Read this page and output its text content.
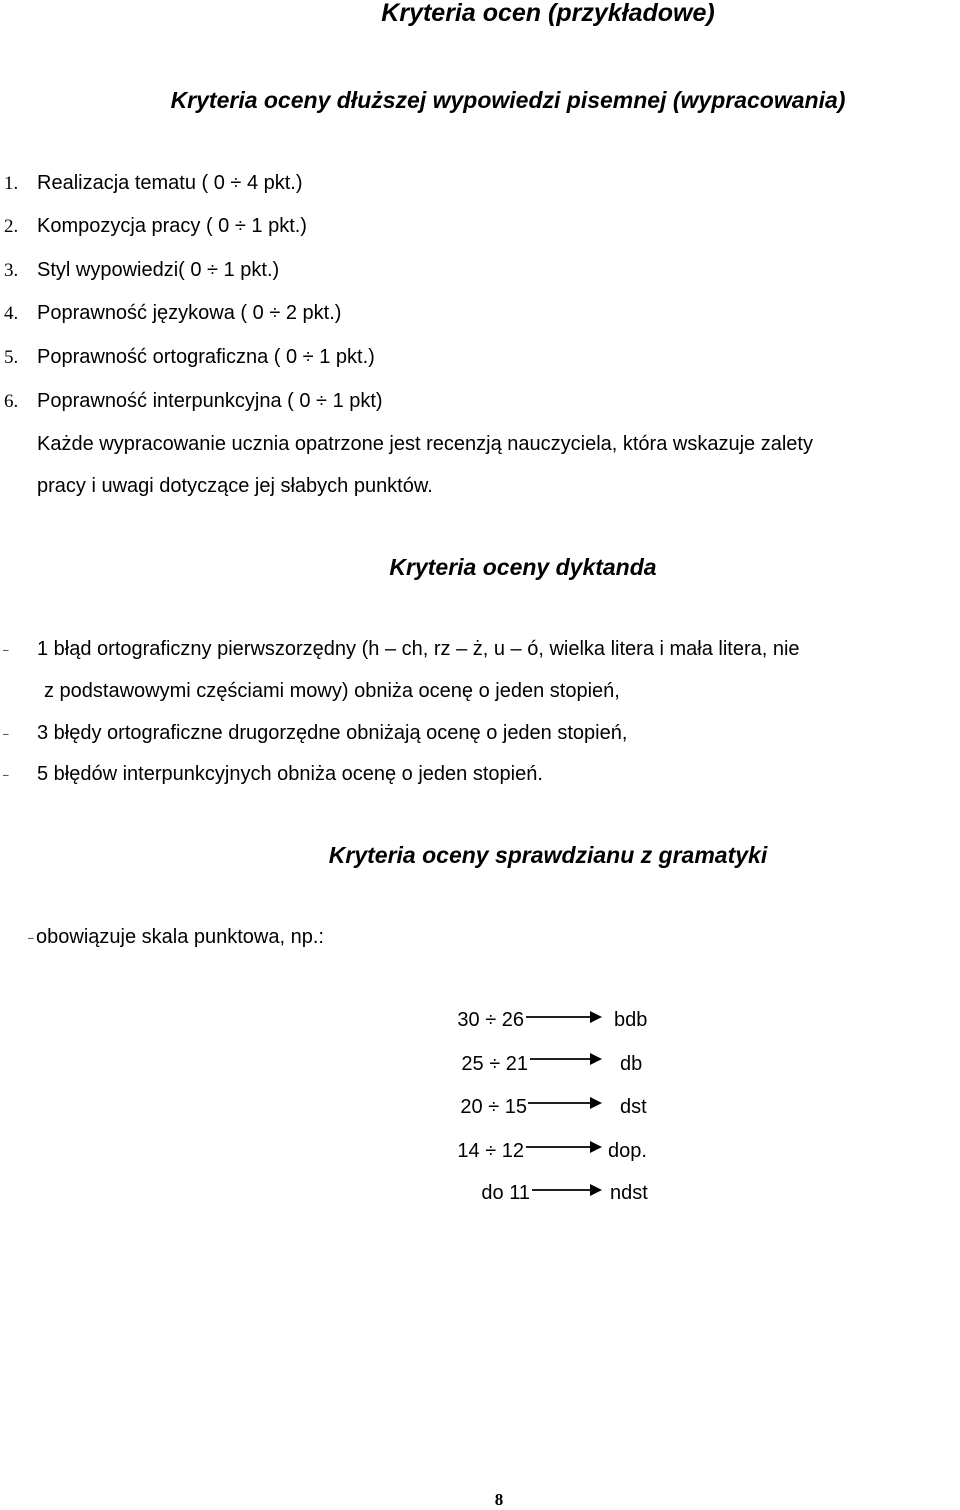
Kryteria ocen (przykładowe)
Kryteria oceny dłuższej wypowiedzi pisemnej (wypracowania)
1. Realizacja tematu ( 0 ÷ 4 pkt.)
2. Kompozycja pracy ( 0 ÷ 1 pkt.)
3. Styl wypowiedzi( 0 ÷ 1 pkt.)
4. Poprawność językowa ( 0 ÷ 2 pkt.)
5. Poprawność ortograficzna ( 0 ÷ 1 pkt.)
6. Poprawność interpunkcyjna ( 0 ÷ 1 pkt)
Każde wypracowanie ucznia opatrzone jest recenzją nauczyciela, która wskazuje zalety
pracy i uwagi dotyczące jej słabych punktów.
Kryteria oceny dyktanda
– 1 błąd ortograficzny pierwszorzędny (h – ch, rz – ż, u – ó, wielka litera i mała litera, nie
z podstawowymi częściami mowy) obniża ocenę o jeden stopień,
– 3 błędy ortograficzne drugorzędne obniżają ocenę o jeden stopień,
– 5 błędów interpunkcyjnych obniża ocenę o jeden stopień.
Kryteria oceny sprawdzianu z gramatyki
– obowiązuje skala punktowa, np.:
30 ÷ 26	bdb
25 ÷ 21	db
20 ÷ 15	dst
14 ÷ 12	dop.
do 11	ndst
8
